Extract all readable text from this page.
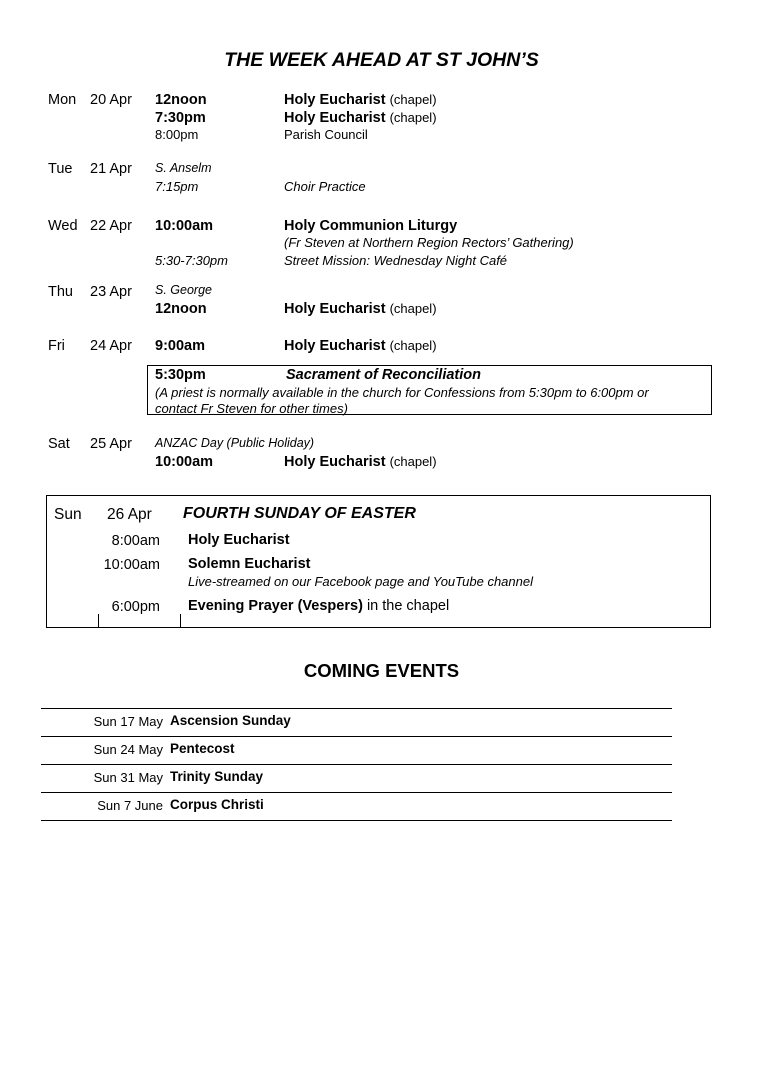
THE WEEK AHEAD AT ST JOHN’S
Mon 20 Apr 12noon	Holy Eucharist (chapel)
7:30pm	Holy Eucharist (chapel)
8:00pm	Parish Council
Tue 21 Apr S. Anselm
7:15pm	Choir Practice
Wed 22 Apr 10:00am	Holy Communion Liturgy
(Fr Steven at Northern Region Rectors’ Gathering)
5:30-7:30pm	Street Mission: Wednesday Night Café
Thu 23 Apr S. George
12noon	Holy Eucharist (chapel)
Fri 24 Apr 9:00am	Holy Eucharist (chapel)
5:30pm	Sacrament of Reconciliation
(A priest is normally available in the church for Confessions from 5:30pm to 6:00pm or
contact Fr Steven for other times)
Sat 25 Apr ANZAC Day (Public Holiday)
10:00am	Holy Eucharist (chapel)
Sun 26 Apr FOURTH SUNDAY OF EASTER
8:00am Holy Eucharist
10:00am Solemn Eucharist
Live-streamed on our Facebook page and YouTube channel
6:00pm Evening Prayer (Vespers) in the chapel
COMING EVENTS
Sun 17 May Ascension Sunday
Sun 24 May Pentecost
Sun 31 May Trinity Sunday
Sun 7 June Corpus Christi
